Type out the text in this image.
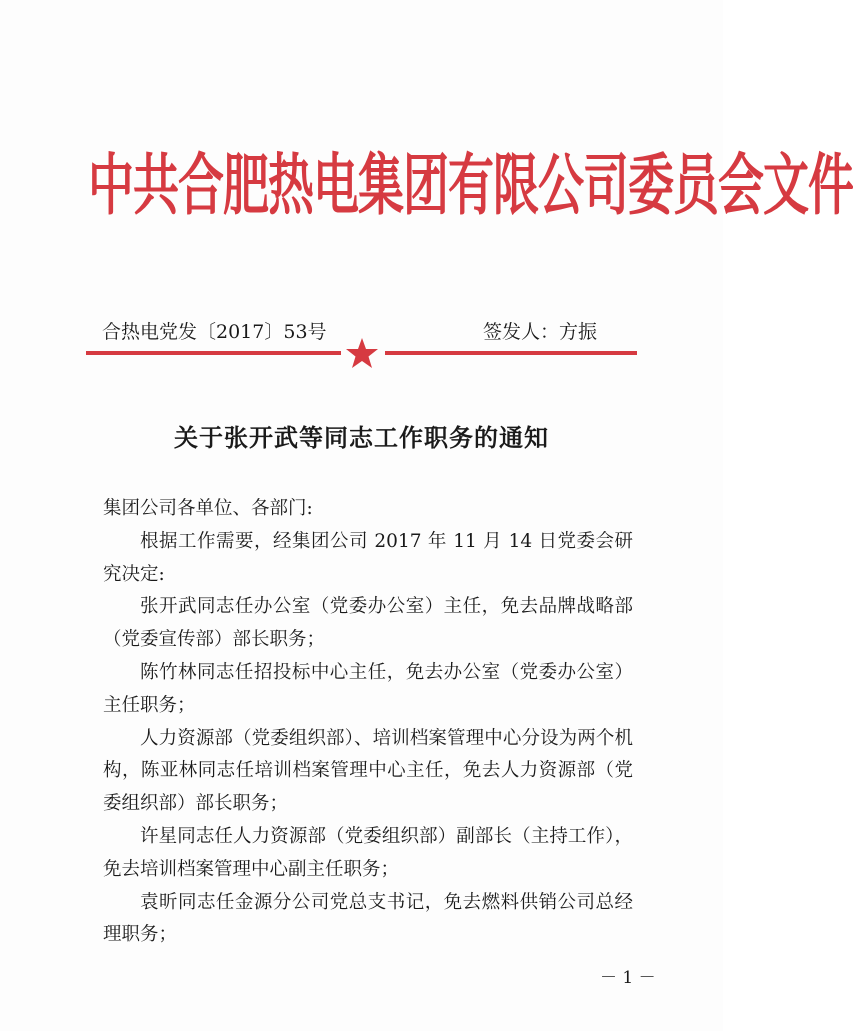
中共合肥热电集团有限公司委员会文件
合热电党发〔2017〕53号	签发人：方振
关于张开武等同志工作职务的通知

集团公司各单位、各部门:

根据工作需要，经集团公司 2017 年 11 月 14 日党委会研究决定:

张开武同志任办公室（党委办公室）主任，免去品牌战略部（党委宣传部）部长职务；

陈竹林同志任招投标中心主任，免去办公室（党委办公室）主任职务；

人力资源部（党委组织部）、培训档案管理中心分设为两个机构，陈亚林同志任培训档案管理中心主任，免去人力资源部（党委组织部）部长职务；

许星同志任人力资源部（党委组织部）副部长（主持工作），免去培训档案管理中心副主任职务；

袁昕同志任金源分公司党总支书记，免去燃料供销公司总经理职务；

－ 1 －
